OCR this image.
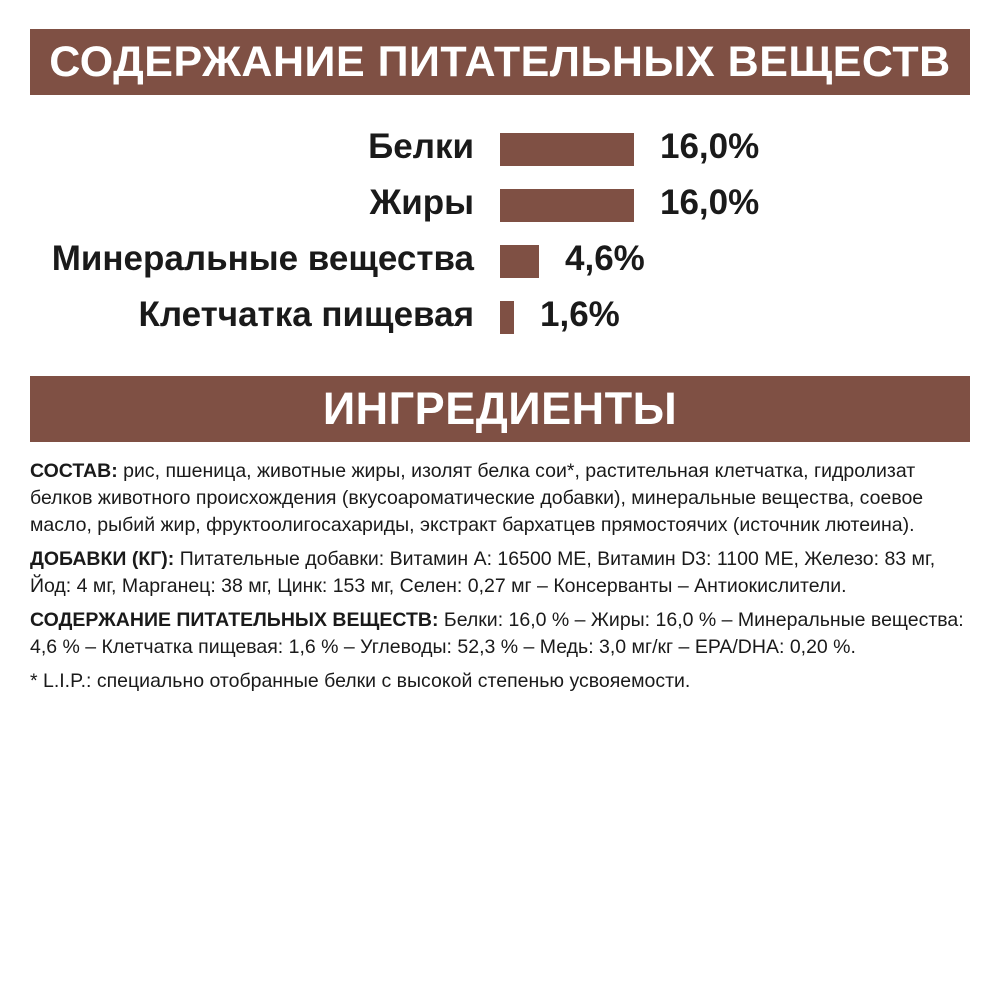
СОДЕРЖАНИЕ ПИТАТЕЛЬНЫХ ВЕЩЕСТВ
Белки	16,0%
Жиры	16,0%
Минеральные вещества	4,6%
Клетчатка пищевая 1,6%
ИНГРЕДИЕНТЫ

СОСТАВ: рис, пшеница, животные жиры, изолят белка сои*, растительная клетчатка, гидролизат белков животного происхождения (вкусоароматические добавки), минеральные вещества, соевое масло, рыбий жир, фруктоолигосахариды, экстракт бархатцев прямостоячих (источник лютеина).

ДОБАВКИ (КГ): Питательные добавки: Витамин A: 16500 МЕ, Витамин D3: 1100 МЕ, Железо: 83 мг, Йод: 4 мг, Марганец: 38 мг, Цинк: 153 мг, Селен: 0,27 мг – Консерванты – Антиокислители.

СОДЕРЖАНИЕ ПИТАТЕЛЬНЫХ ВЕЩЕСТВ: Белки: 16,0 % – Жиры: 16,0 % – Минеральные вещества: 4,6 % – Клетчатка пищевая: 1,6 % – Углеводы: 52,3 % – Медь: 3,0 мг/кг – EPA/DHA: 0,20 %.

* L.I.P.: специально отобранные белки с высокой степенью усвояемости.
